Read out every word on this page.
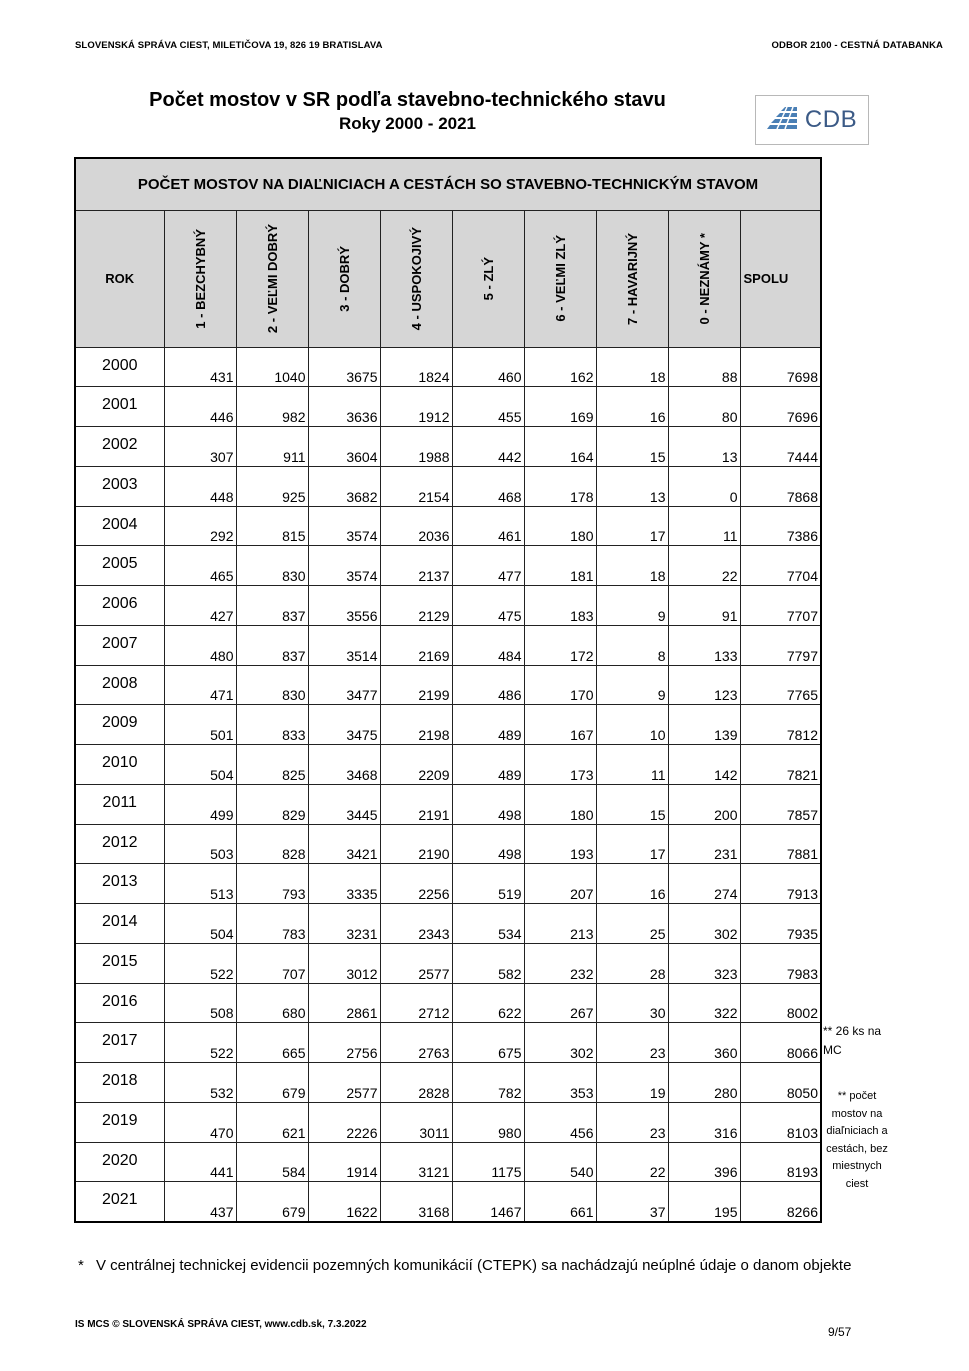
SLOVENSKÁ SPRÁVA CIEST, MILETIČOVA 19, 826 19 BRATISLAVA	ODBOR 2100 - CESTNÁ DATABANKA
Počet mostov v SR podľa stavebno-technického stavu
Roky 2000 - 2021	CDB
POČET MOSTOV NA DIAĽNICIACH A CESTÁCH SO STAVEBNO-TECHNICKÝM STAVOM									
ROK	1 - BEZCHYBNÝ	2 - VEĽMI DOBRÝ	3 - DOBRÝ	4 - USPOKOJIVÝ	5 - ZLÝ	6 - VEĽMI ZLÝ	7 - HAVARIJNÝ	0 - NEZNÁMY *	SPOLU
2000	431	1040	3675	1824	460	162	18	88	7698
2001	446	982	3636	1912	455	169	16	80	7696
2002	307	911	3604	1988	442	164	15	13	7444
2003	448	925	3682	2154	468	178	13	0	7868
2004	292	815	3574	2036	461	180	17	11	7386
2005	465	830	3574	2137	477	181	18	22	7704
2006	427	837	3556	2129	475	183	9	91	7707
2007	480	837	3514	2169	484	172	8	133	7797
2008	471	830	3477	2199	486	170	9	123	7765
2009	501	833	3475	2198	489	167	10	139	7812
2010	504	825	3468	2209	489	173	11	142	7821
2011	499	829	3445	2191	498	180	15	200	7857
2012	503	828	3421	2190	498	193	17	231	7881
2013	513	793	3335	2256	519	207	16	274	7913
2014	504	783	3231	2343	534	213	25	302	7935
2015	522	707	3012	2577	582	232	28	323	7983
2016	508	680	2861	2712	622	267	30	322	8002
2017	522	665	2756	2763	675	302	23	360	8066
2018	532	679	2577	2828	782	353	19	280	8050
2019	470	621	2226	3011	980	456	23	316	8103
2020	441	584	1914	3121	1175	540	22	396	8193
2021	437	679	1622	3168	1467	661	37	195	8266
** 26 ks na
MC
** počet
mostov na
diaľniciach a
cestách, bez
miestnych
ciest
* V centrálnej technickej evidencii pozemných komunikácií (CTEPK) sa nachádzajú neúplné údaje o danom objekte
IS MCS © SLOVENSKÁ SPRÁVA CIEST, www.cdb.sk, 7.3.2022
9/57
